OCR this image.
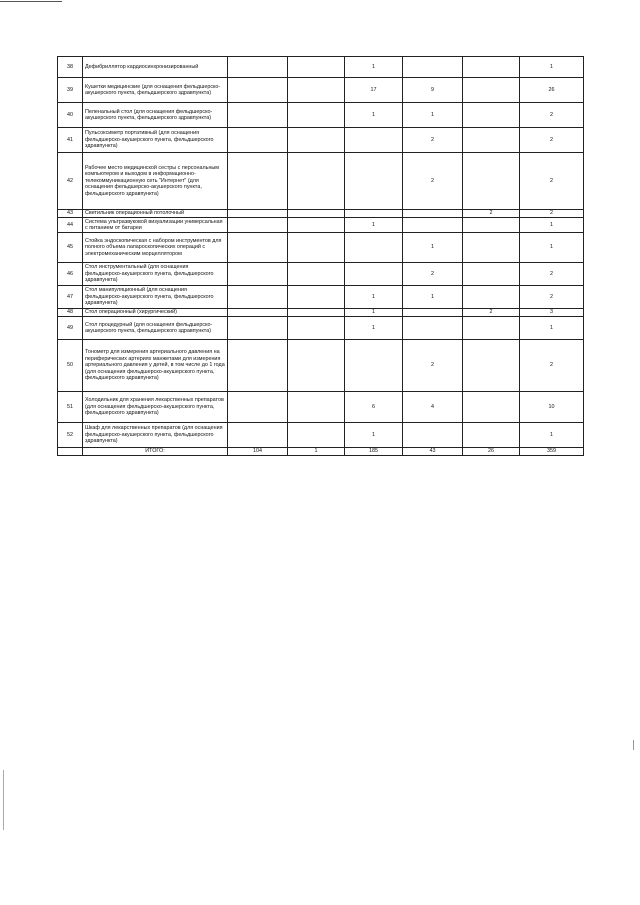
38	Дефибриллятор кардиосинхронизированный			1			1
39	Кушетки медицинские (для оснащения фельдшерско-акушерского пункта, фельдшерского здравпункта)			17	9		26
40	Пеленальный стол (для оснащения фельдшерско-акушерского пункта, фельдшерского здравпункта)			1	1		2
41	Пульсоксиметр портативный (для оснащения фельдшерско-акушерского пункта, фельдшерского здравпункта)				2		2
42	Рабочее место медицинской сестры с персональным компьютером и выходом в информационно-телекоммуникационную сеть "Интернет" (для оснащения фельдшерско-акушерского пункта, фельдшерского здравпункта)				2		2
43	Светильник операционный потолочный					2	2
44	Система ультразвуковой визуализации универсальная с питанием от батареи			1			1
45	Стойка эндоскопическая с набором инструментов для полного объема лапароскопических операций с электромеханическим морцеллятором				1		1
46	Стол инструментальный (для оснащения фельдшерско-акушерского пункта, фельдшерского здравпункта)				2		2
47	Стол манипуляционный (для оснащения фельдшерско-акушерского пункта, фельдшерского здравпункта)			1	1		2
48	Стол операционный (хирургический)			1		2	3
49	Стол процедурный (для оснащения фельдшерско-акушерского пункта, фельдшерского здравпункта)			1			1
50	Тонометр для измерения артериального давления на периферических артериях манжетами для измерения артериального давления у детей, в том числе до 1 года (для оснащения фельдшерско-акушерского пункта, фельдшерского здравпункта)				2		2
51	Холодильник для хранения лекарственных препаратов (для оснащения фельдшерско-акушерского пункта, фельдшерского здравпункта)			6	4		10
52	Шкаф для лекарственных препаратов (для оснащения фельдшерско-акушерского пункта, фельдшерского здравпункта)			1			1
	ИТОГО:	104	1	185	43	26	359
